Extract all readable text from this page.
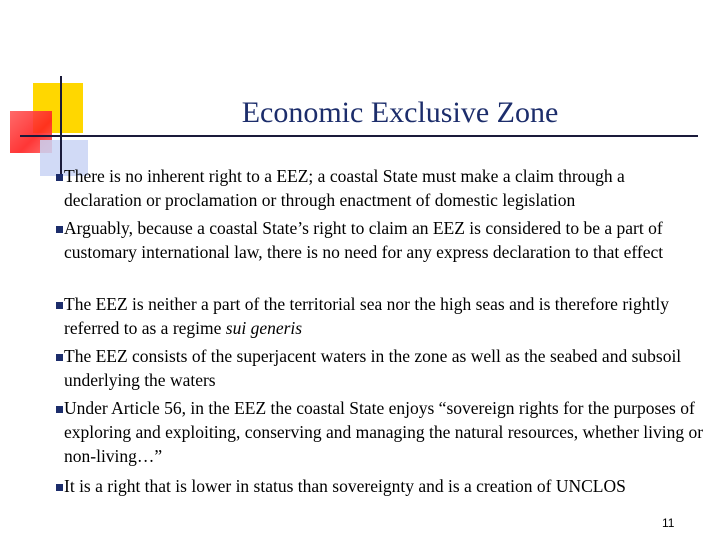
Economic Exclusive Zone
There is no inherent right to a EEZ; a coastal State must make a claim through a declaration or proclamation or through enactment of domestic legislation
Arguably, because a coastal State’s right to claim an EEZ is considered to be a part of customary international law, there is no need for any express declaration to that effect
The EEZ is neither a part of the territorial sea nor the high seas and is therefore rightly referred to as a regime sui generis
The EEZ consists of the superjacent waters in the zone as well as the seabed and subsoil underlying the waters
Under Article 56, in the EEZ the coastal State enjoys “sovereign rights for the purposes of exploring and exploiting, conserving and managing the natural resources, whether living or non-living…”
It is a right that is lower in status than sovereignty and is a creation of UNCLOS
11
